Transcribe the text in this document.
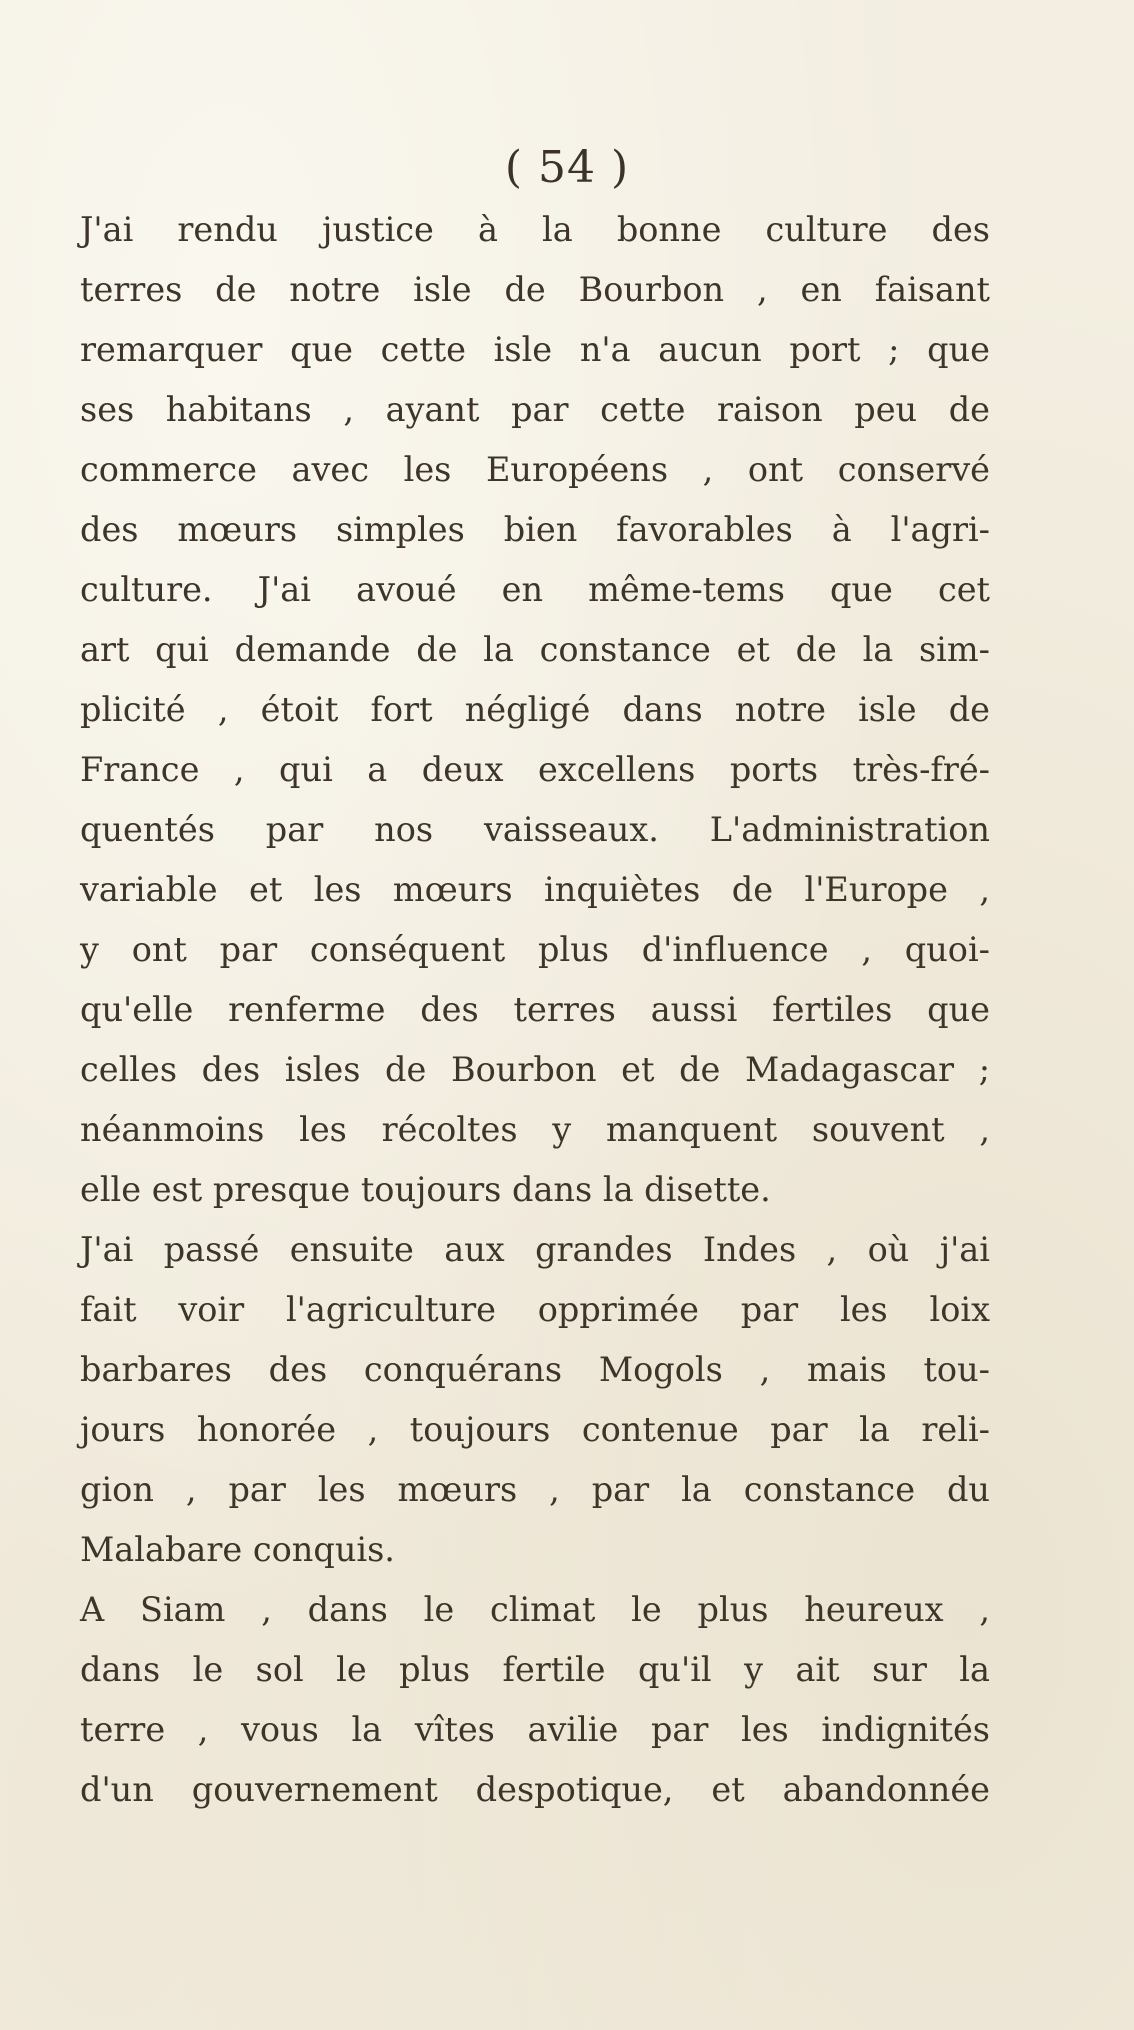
( 54 )
J'ai rendu justice à la bonne culture des
terres de notre isle de Bourbon , en faisant
remarquer que cette isle n'a aucun port ; que
ses habitans , ayant par cette raison peu de
commerce avec les Européens , ont conservé
des mœurs simples bien favorables à l'agri-
culture. J'ai avoué en même-tems que cet
art qui demande de la constance et de la sim-
plicité , étoit fort négligé dans notre isle de
France , qui a deux excellens ports très-fré-
quentés par nos vaisseaux. L'administration
variable et les mœurs inquiètes de l'Europe ,
y ont par conséquent plus d'influence , quoi-
qu'elle renferme des terres aussi fertiles que
celles des isles de Bourbon et de Madagascar ;
néanmoins les récoltes y manquent souvent ,
elle est presque toujours dans la disette.
J'ai passé ensuite aux grandes Indes , où j'ai
fait voir l'agriculture opprimée par les loix
barbares des conquérans Mogols , mais tou-
jours honorée , toujours contenue par la reli-
gion , par les mœurs , par la constance du
Malabare conquis.
A Siam , dans le climat le plus heureux ,
dans le sol le plus fertile qu'il y ait sur la
terre , vous la vîtes avilie par les indignités
d'un gouvernement despotique, et abandonnée
